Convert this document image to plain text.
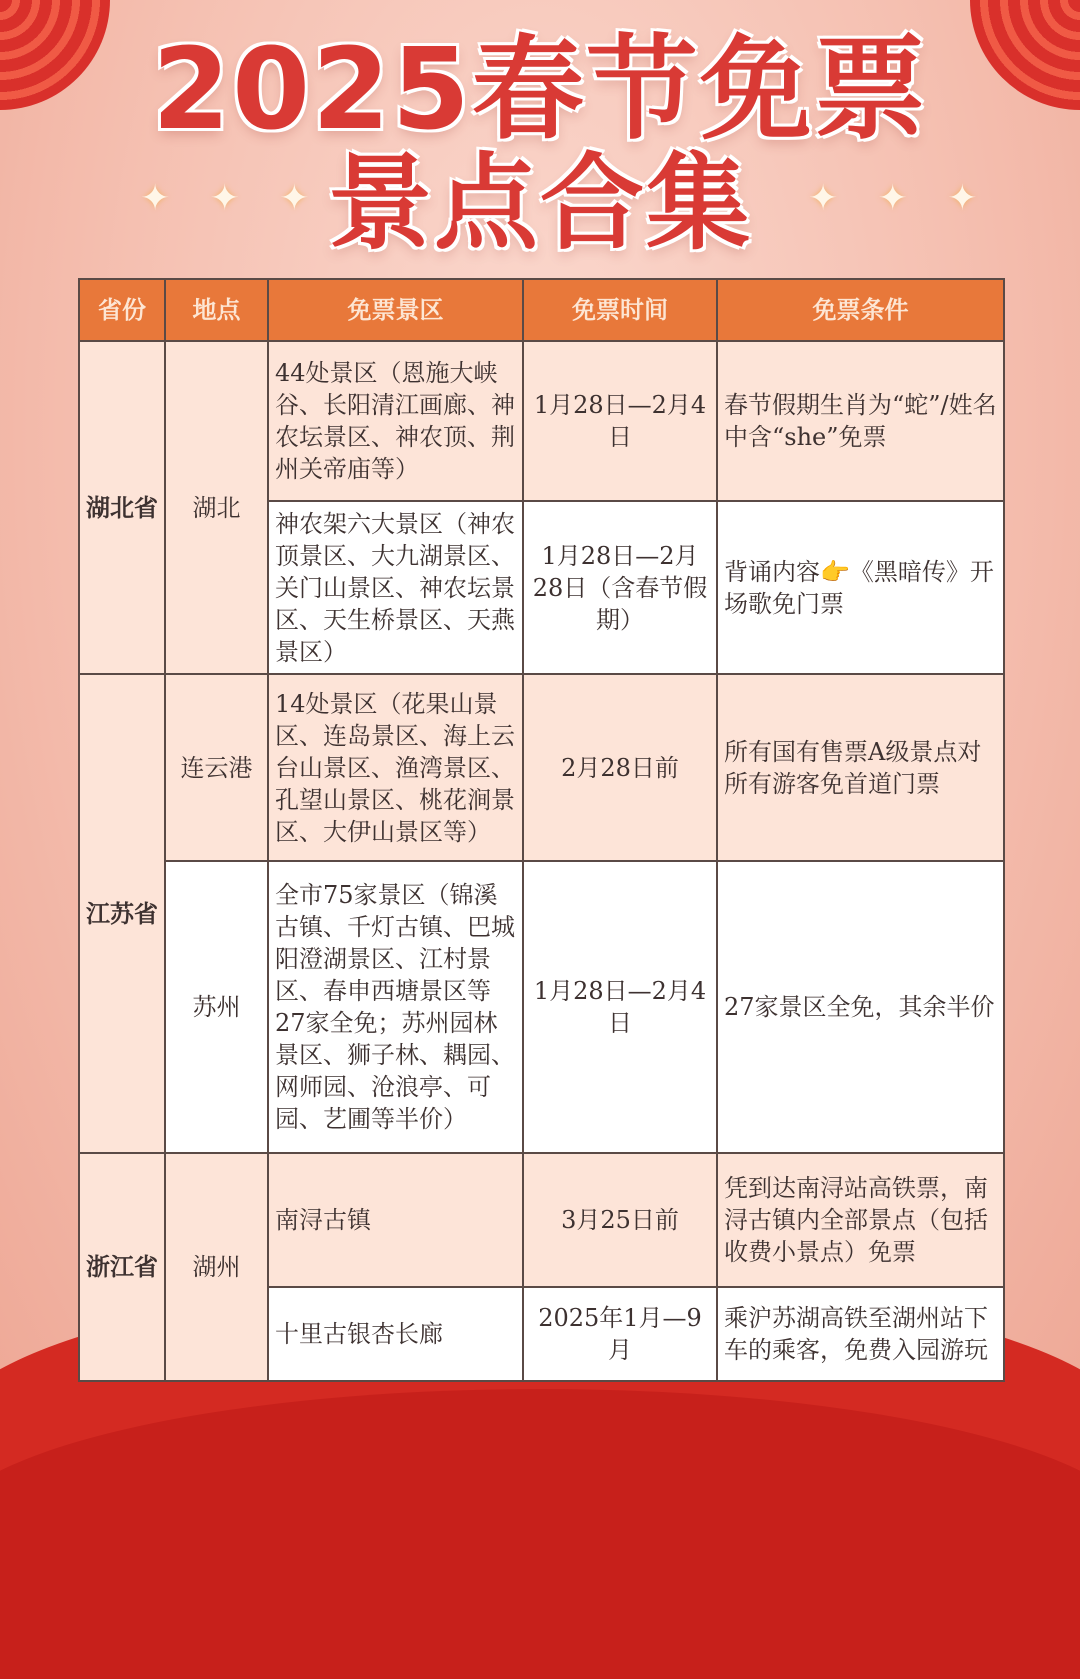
2025春节免票
景点合集
✦ ✦ ✦	✦ ✦ ✦
省份	地点	免票景区	免票时间	免票条件
湖北省	湖北	44处景区（恩施大峡谷、长阳清江画廊、神农坛景区、神农顶、荆州关帝庙等）	1月28日—2月4日	春节假期生肖为“蛇”/姓名中含“she”免票
		神农架六大景区（神农顶景区、大九湖景区、关门山景区、神农坛景区、天生桥景区、天燕景区）	1月28日—2月28日（含春节假期）	背诵内容👉《黑暗传》开场歌免门票
江苏省	连云港	14处景区（花果山景区、连岛景区、海上云台山景区、渔湾景区、孔望山景区、桃花涧景区、大伊山景区等）	2月28日前	所有国有售票A级景点对所有游客免首道门票
	苏州	全市75家景区（锦溪古镇、千灯古镇、巴城阳澄湖景区、江村景区、春申西塘景区等27家全免；苏州园林景区、狮子林、耦园、网师园、沧浪亭、可园、艺圃等半价）	1月28日—2月4日	27家景区全免，其余半价
浙江省	湖州	南浔古镇	3月25日前	凭到达南浔站高铁票，南浔古镇内全部景点（包括收费小景点）免票
		十里古银杏长廊	2025年1月—9月	乘沪苏湖高铁至湖州站下车的乘客，免费入园游玩
